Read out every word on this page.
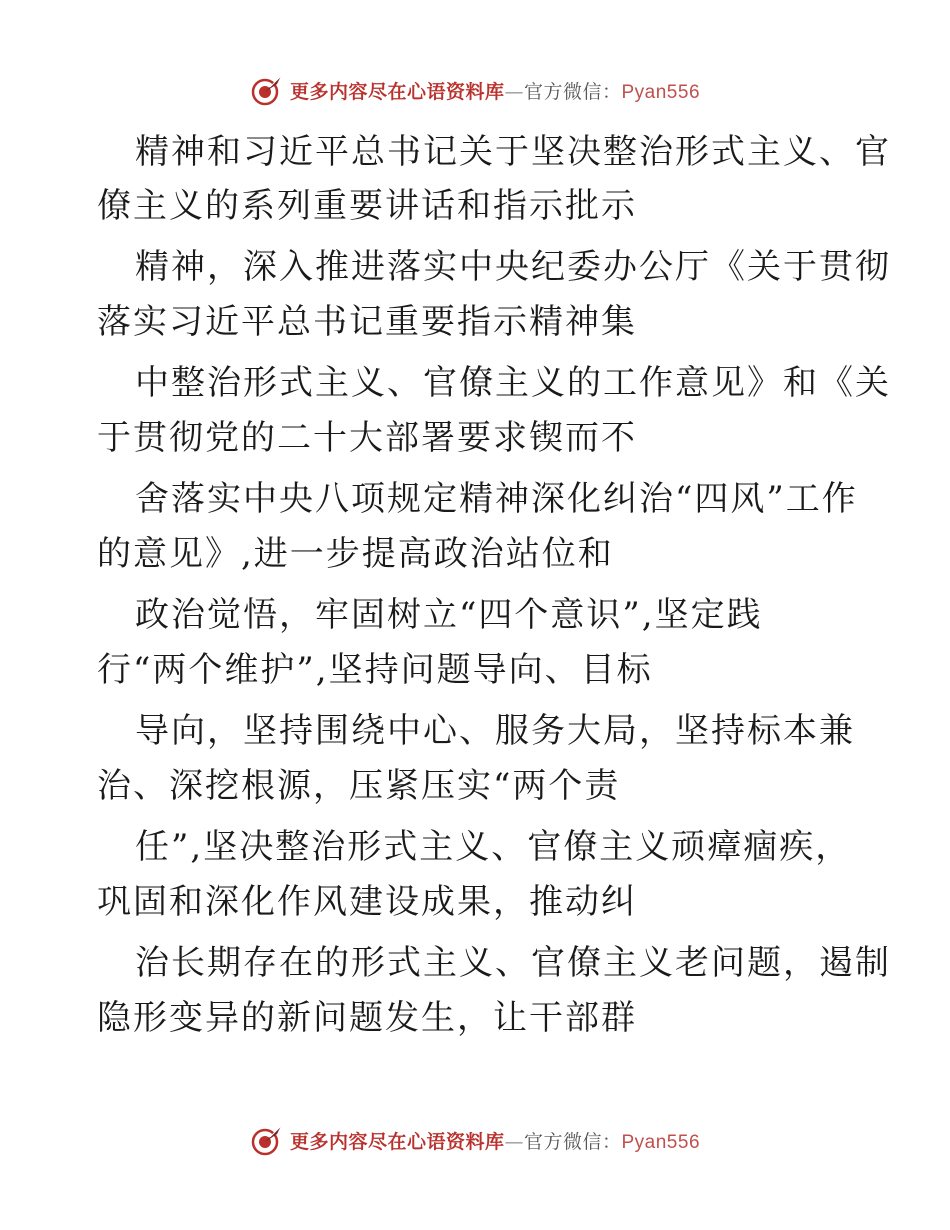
更多内容尽在心语资料库—官方微信：Pyan556
精神和习近平总书记关于坚决整治形式主义、官
僚主义的系列重要讲话和指示批示
精神，深入推进落实中央纪委办公厅《关于贯彻
落实习近平总书记重要指示精神集
中整治形式主义、官僚主义的工作意见》和《关
于贯彻党的二十大部署要求锲而不
舍落实中央八项规定精神深化纠治“四风”工作
的意见》,进一步提高政治站位和
政治觉悟，牢固树立“四个意识”,坚定践
行“两个维护”,坚持问题导向、目标
导向，坚持围绕中心、服务大局，坚持标本兼
治、深挖根源，压紧压实“两个责
任”,坚决整治形式主义、官僚主义顽瘴痼疾，
巩固和深化作风建设成果，推动纠
治长期存在的形式主义、官僚主义老问题，遏制
隐形变异的新问题发生，让干部群
更多内容尽在心语资料库—官方微信：Pyan556
